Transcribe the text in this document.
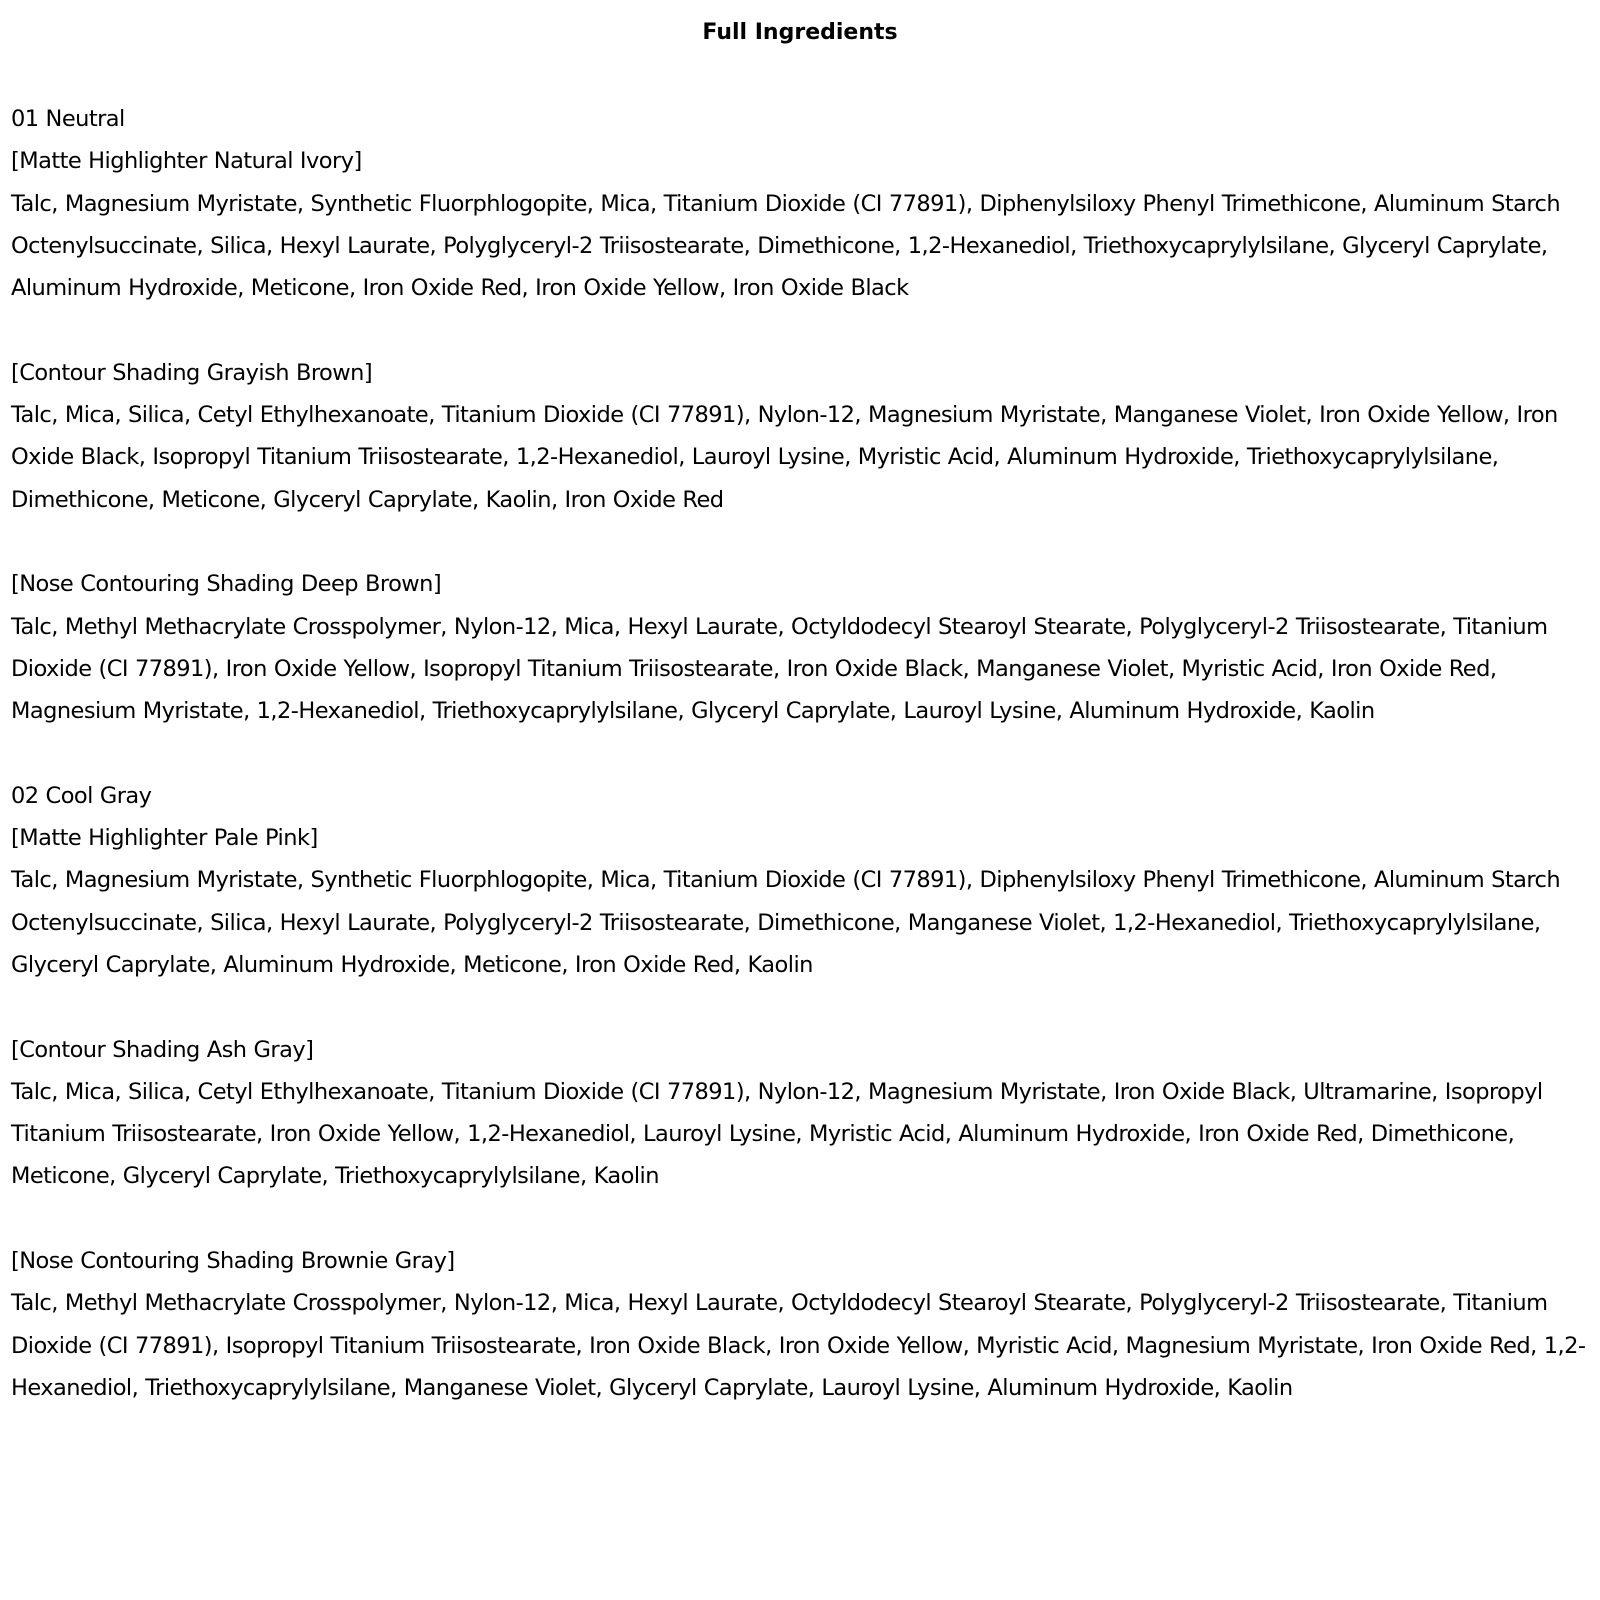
Full Ingredients
01 Neutral
[Matte Highlighter Natural Ivory]
Talc, Magnesium Myristate, Synthetic Fluorphlogopite, Mica, Titanium Dioxide (CI 77891), Diphenylsiloxy Phenyl Trimethicone, Aluminum Starch
Octenylsuccinate, Silica, Hexyl Laurate, Polyglyceryl-2 Triisostearate, Dimethicone, 1,2-Hexanediol, Triethoxycaprylylsilane, Glyceryl Caprylate,
Aluminum Hydroxide, Meticone, Iron Oxide Red, Iron Oxide Yellow, Iron Oxide Black
[Contour Shading Grayish Brown]
Talc, Mica, Silica, Cetyl Ethylhexanoate, Titanium Dioxide (CI 77891), Nylon-12, Magnesium Myristate, Manganese Violet, Iron Oxide Yellow, Iron
Oxide Black, Isopropyl Titanium Triisostearate, 1,2-Hexanediol, Lauroyl Lysine, Myristic Acid, Aluminum Hydroxide, Triethoxycaprylylsilane,
Dimethicone, Meticone, Glyceryl Caprylate, Kaolin, Iron Oxide Red
[Nose Contouring Shading Deep Brown]
Talc, Methyl Methacrylate Crosspolymer, Nylon-12, Mica, Hexyl Laurate, Octyldodecyl Stearoyl Stearate, Polyglyceryl-2 Triisostearate, Titanium
Dioxide (CI 77891), Iron Oxide Yellow, Isopropyl Titanium Triisostearate, Iron Oxide Black, Manganese Violet, Myristic Acid, Iron Oxide Red,
Magnesium Myristate, 1,2-Hexanediol, Triethoxycaprylylsilane, Glyceryl Caprylate, Lauroyl Lysine, Aluminum Hydroxide, Kaolin
02 Cool Gray
[Matte Highlighter Pale Pink]
Talc, Magnesium Myristate, Synthetic Fluorphlogopite, Mica, Titanium Dioxide (CI 77891), Diphenylsiloxy Phenyl Trimethicone, Aluminum Starch
Octenylsuccinate, Silica, Hexyl Laurate, Polyglyceryl-2 Triisostearate, Dimethicone, Manganese Violet, 1,2-Hexanediol, Triethoxycaprylylsilane,
Glyceryl Caprylate, Aluminum Hydroxide, Meticone, Iron Oxide Red, Kaolin
[Contour Shading Ash Gray]
Talc, Mica, Silica, Cetyl Ethylhexanoate, Titanium Dioxide (CI 77891), Nylon-12, Magnesium Myristate, Iron Oxide Black, Ultramarine, Isopropyl
Titanium Triisostearate, Iron Oxide Yellow, 1,2-Hexanediol, Lauroyl Lysine, Myristic Acid, Aluminum Hydroxide, Iron Oxide Red, Dimethicone,
Meticone, Glyceryl Caprylate, Triethoxycaprylylsilane, Kaolin
[Nose Contouring Shading Brownie Gray]
Talc, Methyl Methacrylate Crosspolymer, Nylon-12, Mica, Hexyl Laurate, Octyldodecyl Stearoyl Stearate, Polyglyceryl-2 Triisostearate, Titanium
Dioxide (CI 77891), Isopropyl Titanium Triisostearate, Iron Oxide Black, Iron Oxide Yellow, Myristic Acid, Magnesium Myristate, Iron Oxide Red, 1,2-
Hexanediol, Triethoxycaprylylsilane, Manganese Violet, Glyceryl Caprylate, Lauroyl Lysine, Aluminum Hydroxide, Kaolin
